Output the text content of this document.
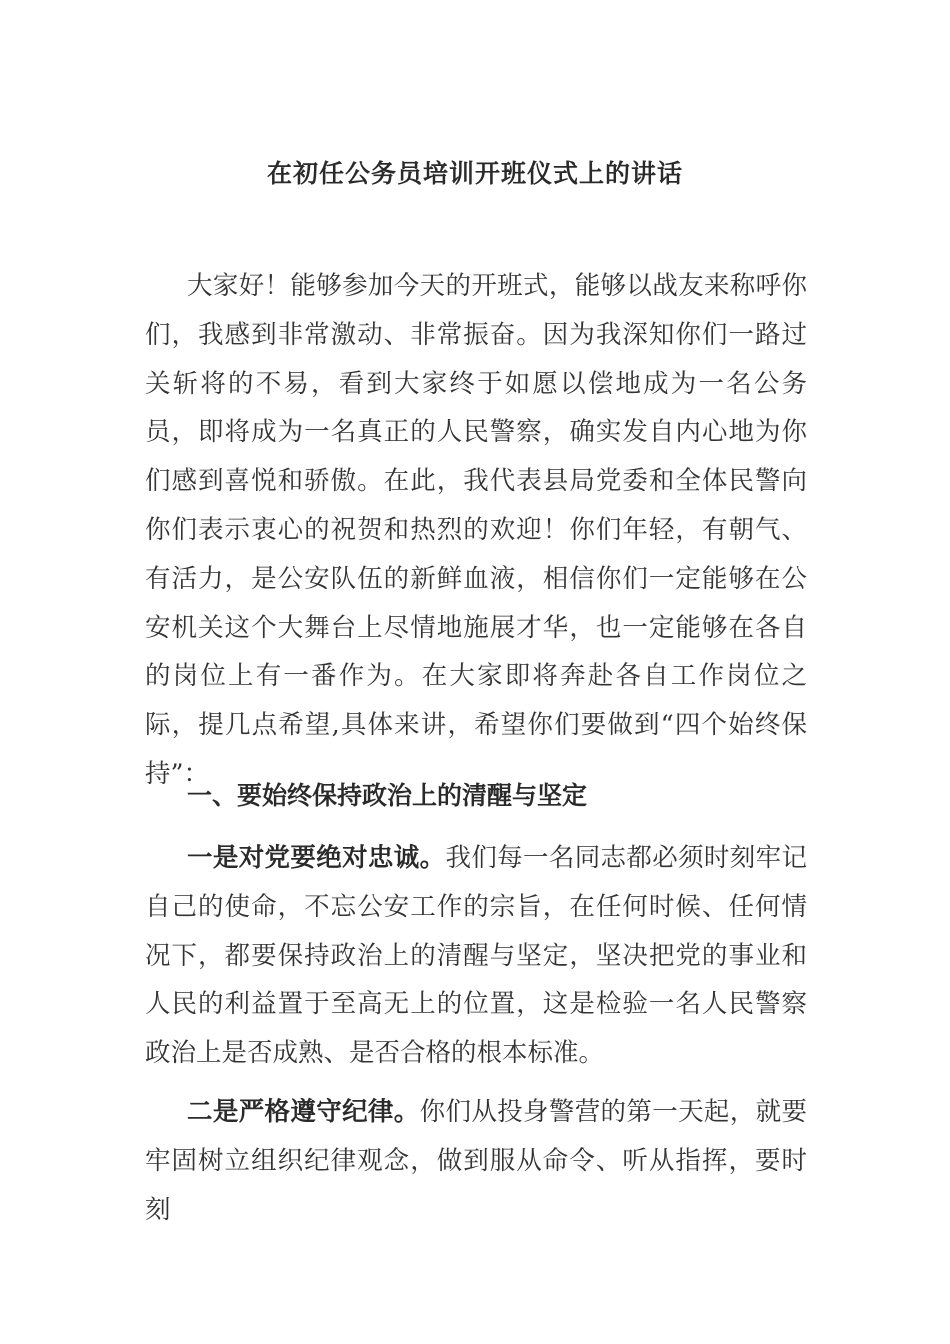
在初任公务员培训开班仪式上的讲话

大家好！能够参加今天的开班式，能够以战友来称呼你们，我感到非常激动、非常振奋。因为我深知你们一路过关斩将的不易，看到大家终于如愿以偿地成为一名公务员，即将成为一名真正的人民警察，确实发自内心地为你们感到喜悦和骄傲。在此，我代表县局党委和全体民警向你们表示衷心的祝贺和热烈的欢迎！你们年轻，有朝气、有活力，是公安队伍的新鲜血液，相信你们一定能够在公安机关这个大舞台上尽情地施展才华，也一定能够在各自的岗位上有一番作为。在大家即将奔赴各自工作岗位之际，提几点希望,具体来讲，希望你们要做到“四个始终保持”：

一、要始终保持政治上的清醒与坚定

一是对党要绝对忠诚。我们每一名同志都必须时刻牢记自己的使命，不忘公安工作的宗旨，在任何时候、任何情况下，都要保持政治上的清醒与坚定，坚决把党的事业和人民的利益置于至高无上的位置，这是检验一名人民警察政治上是否成熟、是否合格的根本标准。

二是严格遵守纪律。你们从投身警营的第一天起，就要牢固树立组织纪律观念，做到服从命令、听从指挥，要时刻
